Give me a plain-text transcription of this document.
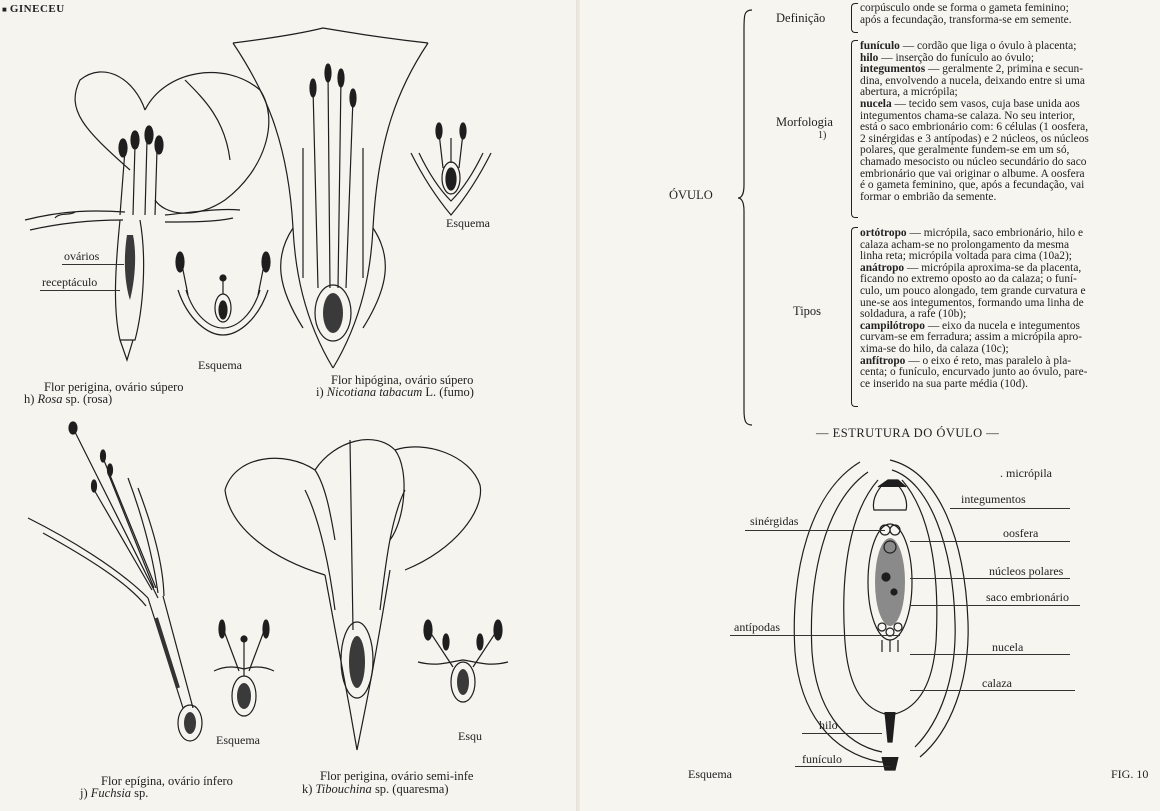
■ GINECEU
ovários
receptáculo
Esquema
Flor perigina, ovário súpero
h) Rosa sp. (rosa)
Esquema
Flor hipógina, ovário súpero
i) Nicotiana tabacum L. (fumo)
Esquema
Flor epígina, ovário ínfero
j) Fuchsia sp.
Esqu
Flor perigina, ovário semi-infe
k) Tibouchina sp. (quaresma)
ÓVULO
Definição
corpúsculo onde se forma o gameta feminino;
após a fecundação, transforma-se em semente.
Morfologia
1)
funículo — cordão que liga o óvulo à placenta;
hilo — inserção do funículo ao óvulo;
integumentos — geralmente 2, primina e secun-
dina, envolvendo a nucela, deixando entre si uma
abertura, a micrópila;
nucela — tecido sem vasos, cuja base unida aos
integumentos chama-se calaza. No seu interior,
está o saco embrionário com: 6 células (1 oosfera,
2 sinérgidas e 3 antípodas) e 2 núcleos, os núcleos
polares, que geralmente fundem-se em um só,
chamado mesocisto ou núcleo secundário do saco
embrionário que vai originar o albume. A oosfera
é o gameta feminino, que, após a fecundação, vai
formar o embrião da semente.
Tipos
ortótropo — micrópila, saco embrionário, hilo e
calaza acham-se no prolongamento da mesma
linha reta; micrópila voltada para cima (10a2);
anátropo — micrópila aproxima-se da placenta,
ficando no extremo oposto ao da calaza; o funí-
culo, um pouco alongado, tem grande curvatura e
une-se aos integumentos, formando uma linha de
soldadura, a rafe (10b);
campilótropo — eixo da nucela e integumentos
curvam-se em ferradura; assim a micrópila apro-
xima-se do hilo, da calaza (10c);
anfítropo — o eixo é reto, mas paralelo à pla-
centa; o funículo, encurvado junto ao óvulo, pare-
ce inserido na sua parte média (10d).
— ESTRUTURA DO ÓVULO —
. micrópila
integumentos
sinérgidas
oosfera
núcleos polares
saco embrionário
antípodas
nucela
calaza
hilo
funículo
Esquema	FIG. 10
